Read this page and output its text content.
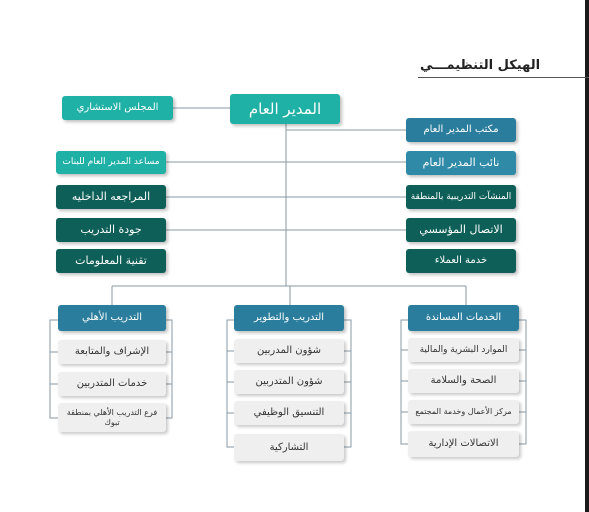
الهيكل التنظيمـــي
المدير العام
المجلس الاستشاري
مساعد المدير العام للبنات
المراجعه الداخليه
جودة التدريب
تقنية المعلومات
مكتب المدير العام
نائب المدير العام
المنشآت التدريبية بالمنطقة
الاتصال المؤسسي
خدمة العملاء
التدريب الأهلي
الإشراف والمتابعة
خدمات المتدربين
فرع التدريب الأهلي بمنطقة تبوك
التدريب والتطوير
شؤون المدربين
شؤون المتدربين
التنسيق الوظيفي
التشاركية
الخدمات المساندة
الموارد البشرية والمالية
الصحة والسلامة
مركز الأعمال وخدمة المجتمع
الاتصالات الإدارية
